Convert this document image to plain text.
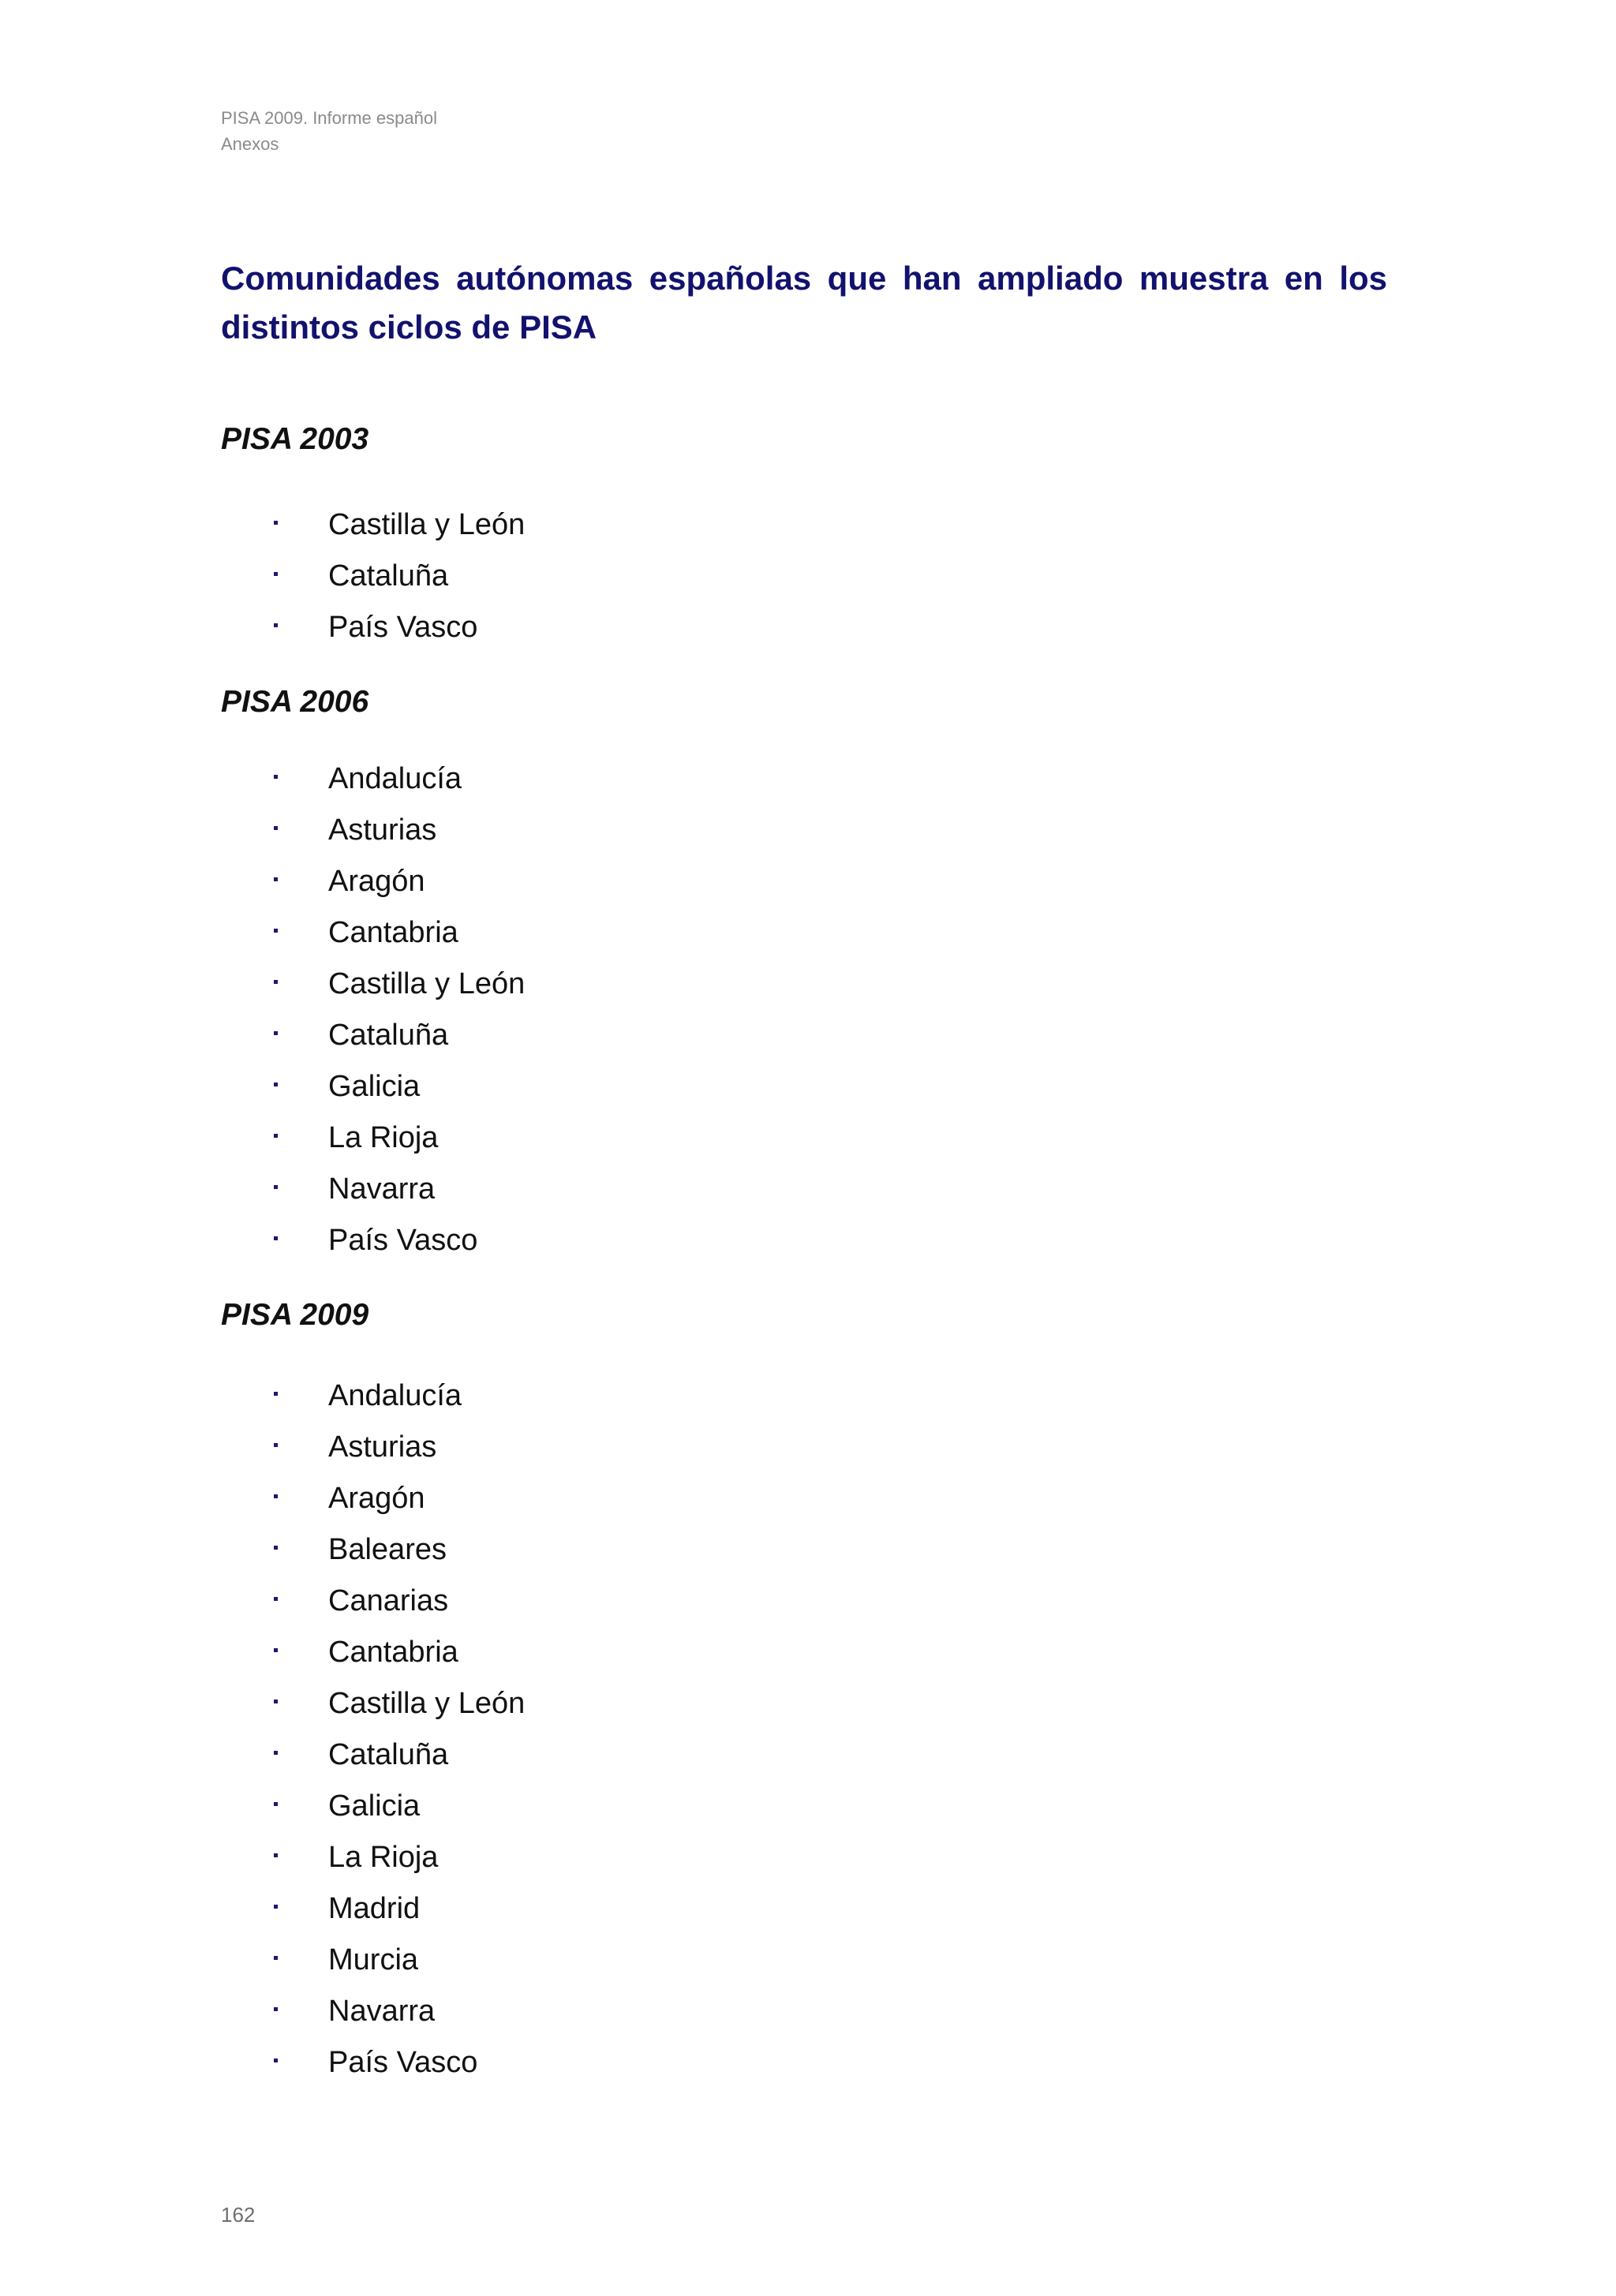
PISA 2009. Informe español

Anexos

Comunidades autónomas españolas que han ampliado muestra en los distintos ciclos de PISA
PISA 2003
Castilla y León
Cataluña
País Vasco
PISA 2006
Andalucía
Asturias
Aragón
Cantabria
Castilla y León
Cataluña
Galicia
La Rioja
Navarra
País Vasco
PISA 2009
Andalucía
Asturias
Aragón
Baleares
Canarias
Cantabria
Castilla y León
Cataluña
Galicia
La Rioja
Madrid
Murcia
Navarra
País Vasco

162
